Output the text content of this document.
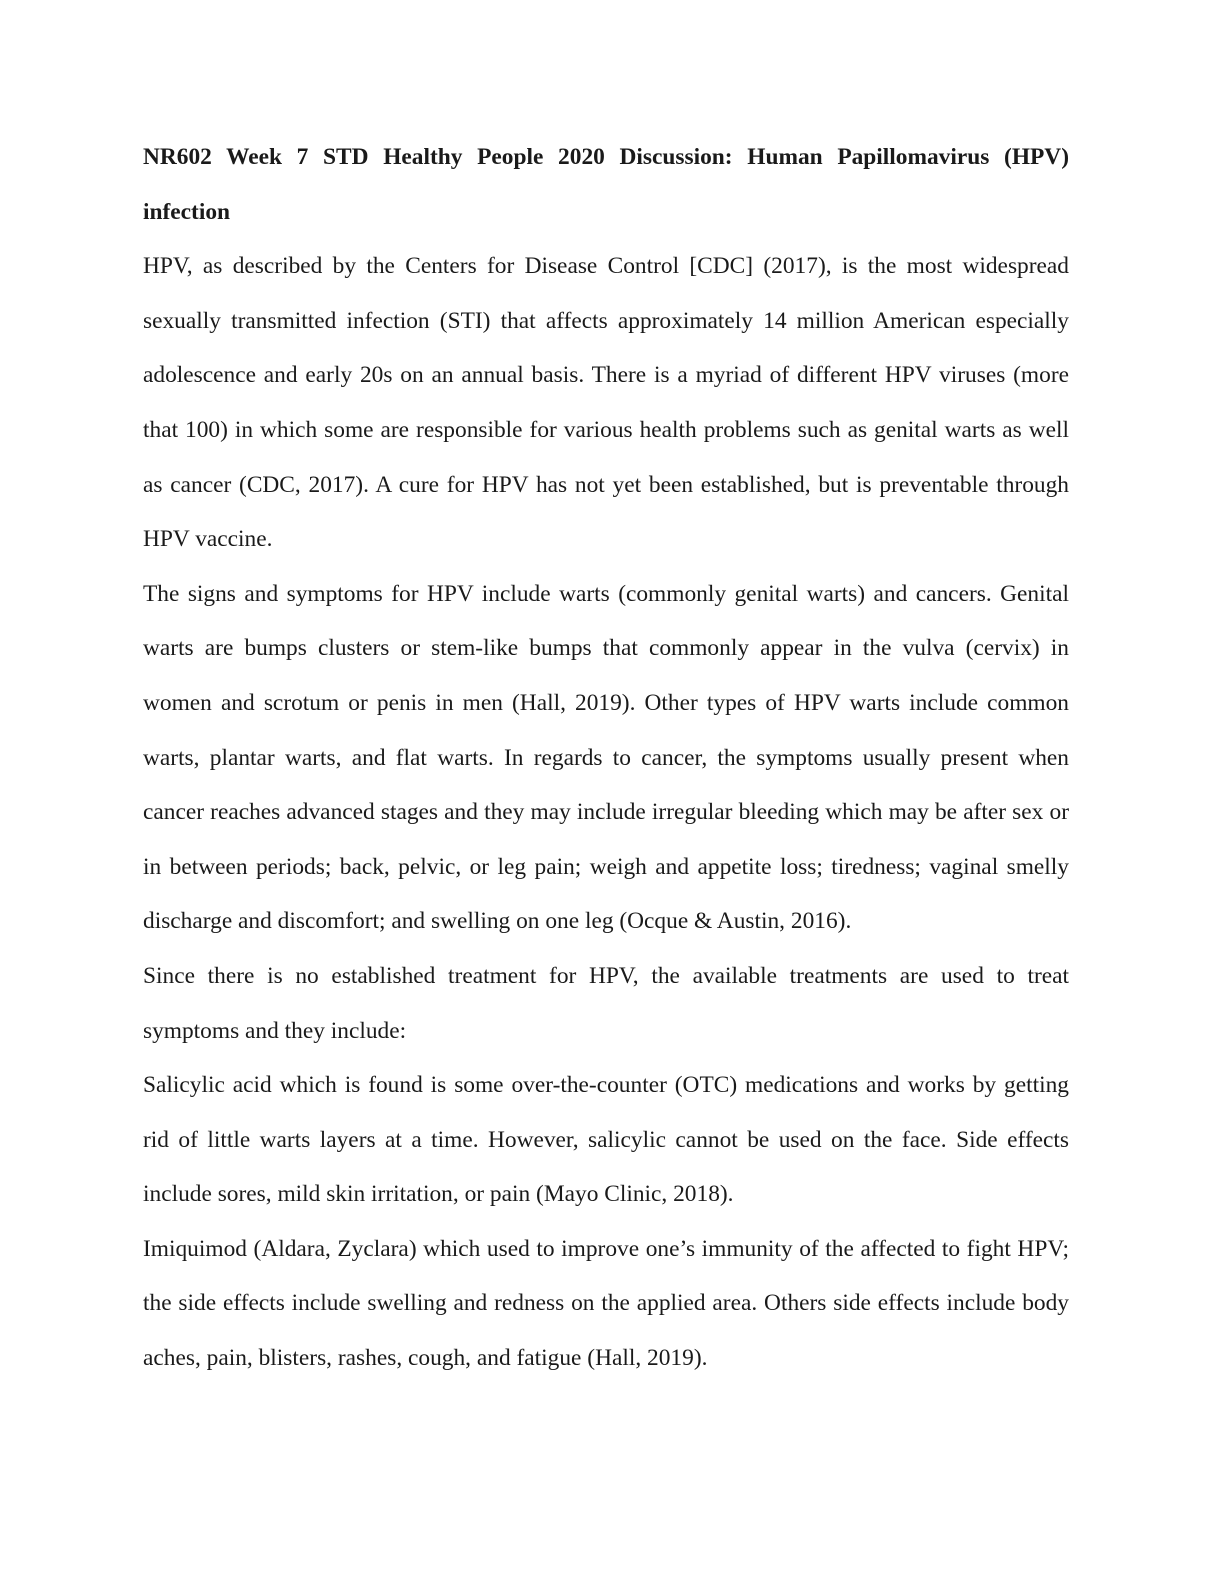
NR602 Week 7 STD Healthy People 2020 Discussion: Human Papillomavirus (HPV) infection

HPV, as described by the Centers for Disease Control [CDC] (2017), is the most widespread sexually transmitted infection (STI) that affects approximately 14 million American especially adolescence and early 20s on an annual basis. There is a myriad of different HPV viruses (more that 100) in which some are responsible for various health problems such as genital warts as well as cancer (CDC, 2017). A cure for HPV has not yet been established, but is preventable through HPV vaccine.

The signs and symptoms for HPV include warts (commonly genital warts) and cancers. Genital warts are bumps clusters or stem-like bumps that commonly appear in the vulva (cervix) in women and scrotum or penis in men (Hall, 2019). Other types of HPV warts include common warts, plantar warts, and flat warts. In regards to cancer, the symptoms usually present when cancer reaches advanced stages and they may include irregular bleeding which may be after sex or in between periods; back, pelvic, or leg pain; weigh and appetite loss; tiredness; vaginal smelly discharge and discomfort; and swelling on one leg (Ocque & Austin, 2016).

Since there is no established treatment for HPV, the available treatments are used to treat symptoms and they include:

Salicylic acid which is found is some over-the-counter (OTC) medications and works by getting rid of little warts layers at a time. However, salicylic cannot be used on the face. Side effects include sores, mild skin irritation, or pain (Mayo Clinic, 2018).

Imiquimod (Aldara, Zyclara) which used to improve one’s immunity of the affected to fight HPV; the side effects include swelling and redness on the applied area. Others side effects include body aches, pain, blisters, rashes, cough, and fatigue (Hall, 2019).
